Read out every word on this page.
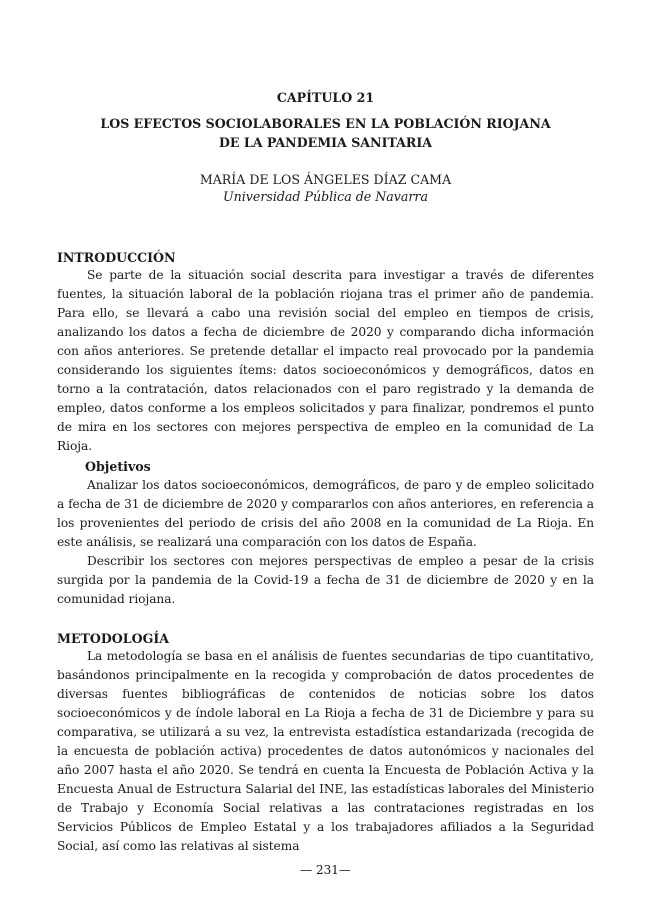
CAPÍTULO 21
LOS EFECTOS SOCIOLABORALES EN LA POBLACIÓN RIOJANA
DE LA PANDEMIA SANITARIA
MARÍA DE LOS ÁNGELES DÍAZ CAMA
Universidad Pública de Navarra
INTRODUCCIÓN
Se parte de la situación social descrita para investigar a través de diferentes fuentes, la situación laboral de la población riojana tras el primer año de pandemia. Para ello, se llevará a cabo una revisión social del empleo en tiempos de crisis, analizando los datos a fecha de diciembre de 2020 y comparando dicha información con años anteriores. Se pretende detallar el impacto real provocado por la pandemia considerando los siguientes ítems: datos socioeconómicos y demográficos, datos en torno a la contratación, datos relacionados con el paro registrado y la demanda de empleo, datos conforme a los empleos solicitados y para finalizar, pondremos el punto de mira en los sectores con mejores perspectiva de empleo en la comunidad de La Rioja.
Objetivos
Analizar los datos socioeconómicos, demográficos, de paro y de empleo solicitado a fecha de 31 de diciembre de 2020 y compararlos con años anteriores, en referencia a los provenientes del periodo de crisis del año 2008 en la comunidad de La Rioja. En este análisis, se realizará una comparación con los datos de España.
Describir los sectores con mejores perspectivas de empleo a pesar de la crisis surgida por la pandemia de la Covid-19 a fecha de 31 de diciembre de 2020 y en la comunidad riojana.
METODOLOGÍA
La metodología se basa en el análisis de fuentes secundarias de tipo cuantitativo, basándonos principalmente en la recogida y comprobación de datos procedentes de diversas fuentes bibliográficas de contenidos de noticias sobre los datos socioeconómicos y de índole laboral en La Rioja a fecha de 31 de Diciembre y para su comparativa, se utilizará a su vez, la entrevista estadística estandarizada (recogida de la encuesta de población activa) procedentes de datos autonómicos y nacionales del año 2007 hasta el año 2020. Se tendrá en cuenta la Encuesta de Población Activa y la Encuesta Anual de Estructura Salarial del INE, las estadísticas laborales del Ministerio de Trabajo y Economía Social relativas a las contrataciones registradas en los Servicios Públicos de Empleo Estatal y a los trabajadores afiliados a la Seguridad Social, así como las relativas al sistema
— 231—
